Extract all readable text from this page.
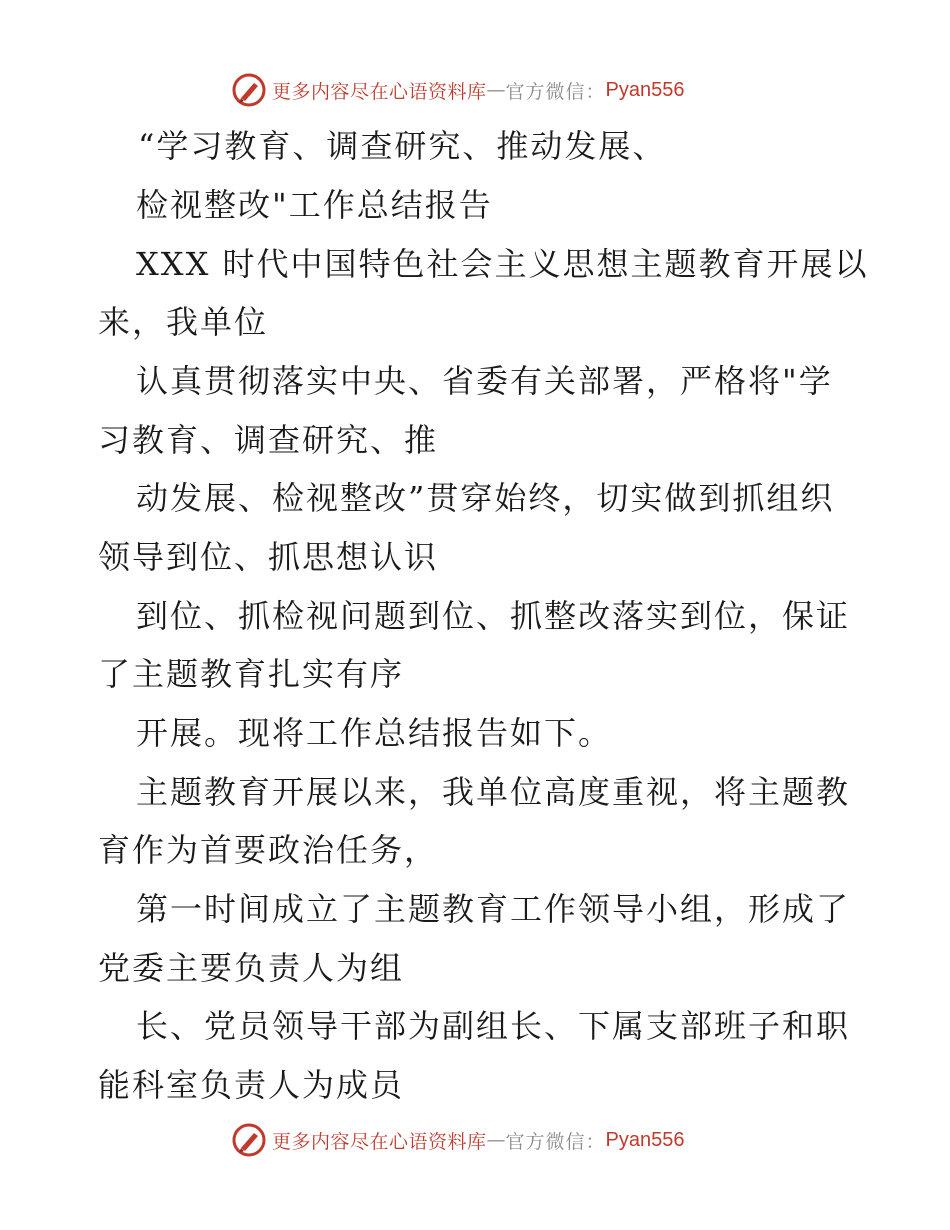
更多内容尽在心语资料库 — 官方微信： Pyan556
“学习教育、调查研究、推动发展、
检视整改"工作总结报告
XXX 时代中国特色社会主义思想主题教育开展以
来，我单位
认真贯彻落实中央、省委有关部署，严格将"学
习教育、调查研究、推
动发展、检视整改”贯穿始终，切实做到抓组织
领导到位、抓思想认识
到位、抓检视问题到位、抓整改落实到位，保证
了主题教育扎实有序
开展。现将工作总结报告如下。
主题教育开展以来，我单位高度重视，将主题教
育作为首要政治任务，
第一时间成立了主题教育工作领导小组，形成了
党委主要负责人为组
长、党员领导干部为副组长、下属支部班子和职
能科室负责人为成员
更多内容尽在心语资料库 — 官方微信： Pyan556
